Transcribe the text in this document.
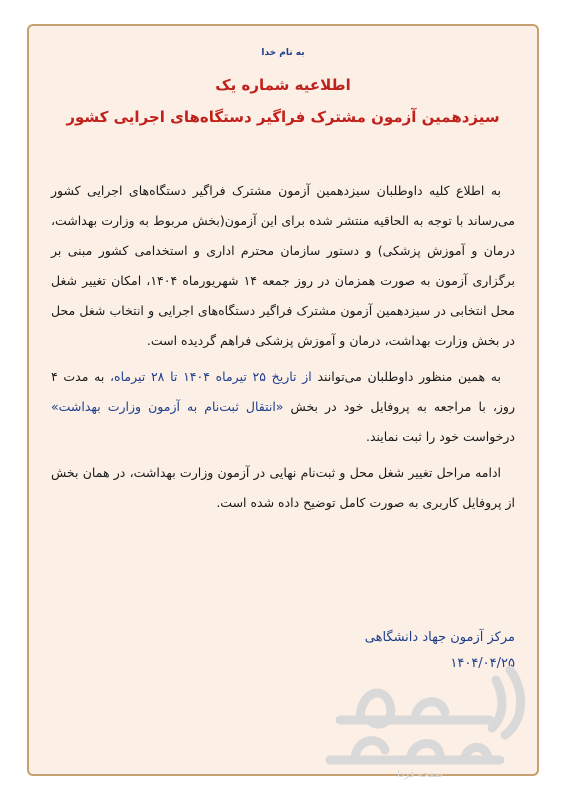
به نام خدا
اطلاعیه شماره یک
سیزدهمین آزمون مشترک فراگیر دستگاه‌های اجرایی کشور

به اطلاع کلیه داوطلبان سیزدهمین آزمون مشترک فراگیر دستگاه‌های اجرایی کشور می‌رساند با توجه به الحاقیه منتشر شده برای این آزمون(بخش مربوط به وزارت بهداشت، درمان و آموزش پزشکی) و دستور سازمان محترم اداری و استخدامی کشور مبنی بر برگزاری آزمون به صورت همزمان در روز جمعه ۱۴ شهریورماه ۱۴۰۴، امکان تغییر شغل محل انتخابی در سیزدهمین آزمون مشترک فراگیر دستگاه‌های اجرایی و انتخاب شغل محل در بخش وزارت بهداشت، درمان و آموزش پزشکی فراهم گردیده است.

به همین منظور داوطلبان می‌توانند از تاریخ ۲۵ تیرماه ۱۴۰۴ تا ۲۸ تیرماه، به مدت ۴ روز، با مراجعه به پروفایل خود در بخش «انتقال ثبت‌نام به آزمون وزارت بهداشت» درخواست خود را ثبت نمایند.

ادامه مراحل تغییر شغل محل و ثبت‌نام نهایی در آزمون وزارت بهداشت، در همان بخش از پروفایل کاربری به صورت کامل توضیح داده شده است.

مرکز آزمون جهاد دانشگاهی
۱۴۰۴/۰۴/۲۵
صفحه فردا
